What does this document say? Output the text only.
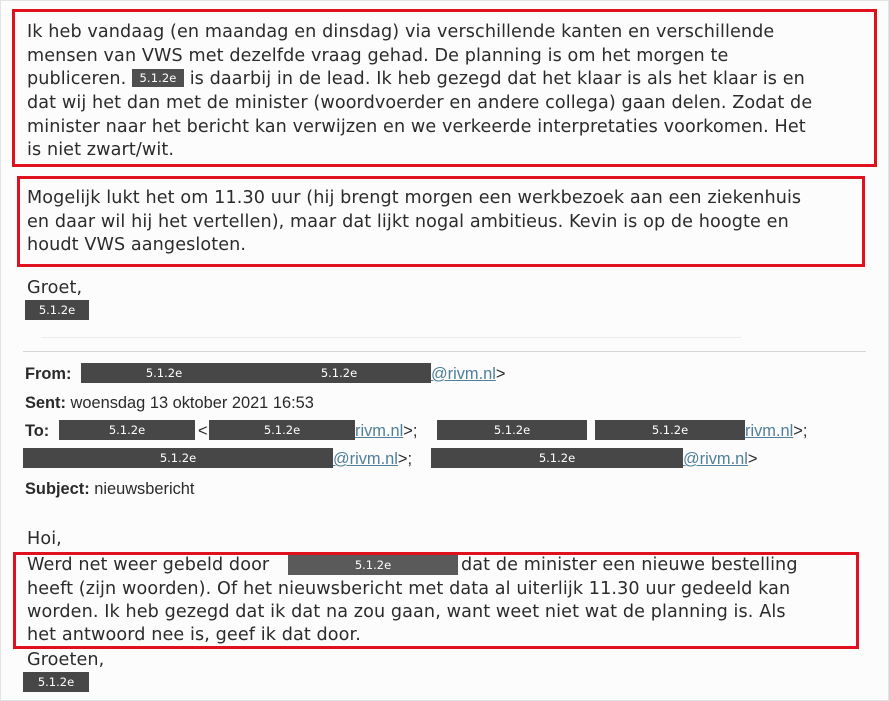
Ik heb vandaag (en maandag en dinsdag) via verschillende kanten en verschillende
mensen van VWS met dezelfde vraag gehad. De planning is om het morgen te
publiceren. 5.1.2e is daarbij in de lead. Ik heb gezegd dat het klaar is als het klaar is en
dat wij het dan met de minister (woordvoerder en andere collega) gaan delen. Zodat de
minister naar het bericht kan verwijzen en we verkeerde interpretaties voorkomen. Het
is niet zwart/wit.
Mogelijk lukt het om 11.30 uur (hij brengt morgen een werkbezoek aan een ziekenhuis
en daar wil hij het vertellen), maar dat lijkt nogal ambitieus. Kevin is op de hoogte en
houdt VWS aangesloten.
Groet,
5.1.2e
From:	5.1.2e	5.1.2e	@rivm.nl>
Sent: woensdag 13 oktober 2021 16:53
To:	5.1.2e	<	5.1.2e	rivm.nl>;	5.1.2e	5.1.2e	rivm.nl>;
5.1.2e	@rivm.nl>;	5.1.2e	@rivm.nl>
Subject: nieuwsbericht
Hoi,
Werd net weer gebeld door	5.1.2e	dat de minister een nieuwe bestelling
heeft (zijn woorden). Of het nieuwsbericht met data al uiterlijk 11.30 uur gedeeld kan
worden. Ik heb gezegd dat ik dat na zou gaan, want weet niet wat de planning is. Als
het antwoord nee is, geef ik dat door.
Groeten,
5.1.2e
